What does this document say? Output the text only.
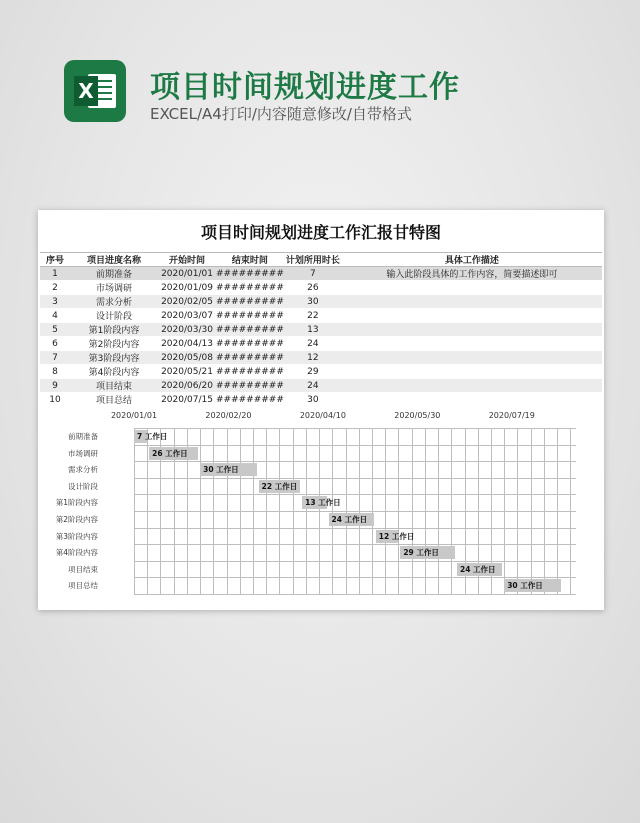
X 项目时间规划进度工作
EXCEL/A4打印/内容随意修改/自带格式
项目时间规划进度工作汇报甘特图
序号	项目进度名称	开始时间	结束时间	计划所用时长	具体工作描述
1	前期准备	2020/01/01	#########	7	输入此阶段具体的工作内容，简要描述即可
2	市场调研	2020/01/09	#########	26	
3	需求分析	2020/02/05	#########	30	
4	设计阶段	2020/03/07	#########	22	
5	第1阶段内容	2020/03/30	#########	13	
6	第2阶段内容	2020/04/13	#########	24	
7	第3阶段内容	2020/05/08	#########	12	
8	第4阶段内容	2020/05/21	#########	29	
9	项目结束	2020/06/20	#########	24	
10	项目总结	2020/07/15	#########	30	
2020/01/01	2020/02/20	2020/04/10	2020/05/30	2020/07/19
前期准备	7 工作日
市场调研	26 工作日
需求分析	30 工作日
设计阶段	22 工作日
第1阶段内容	13 工作日
第2阶段内容	24 工作日
第3阶段内容	12 工作日
第4阶段内容	29 工作日
项目结束	24 工作日
项目总结	30 工作日
